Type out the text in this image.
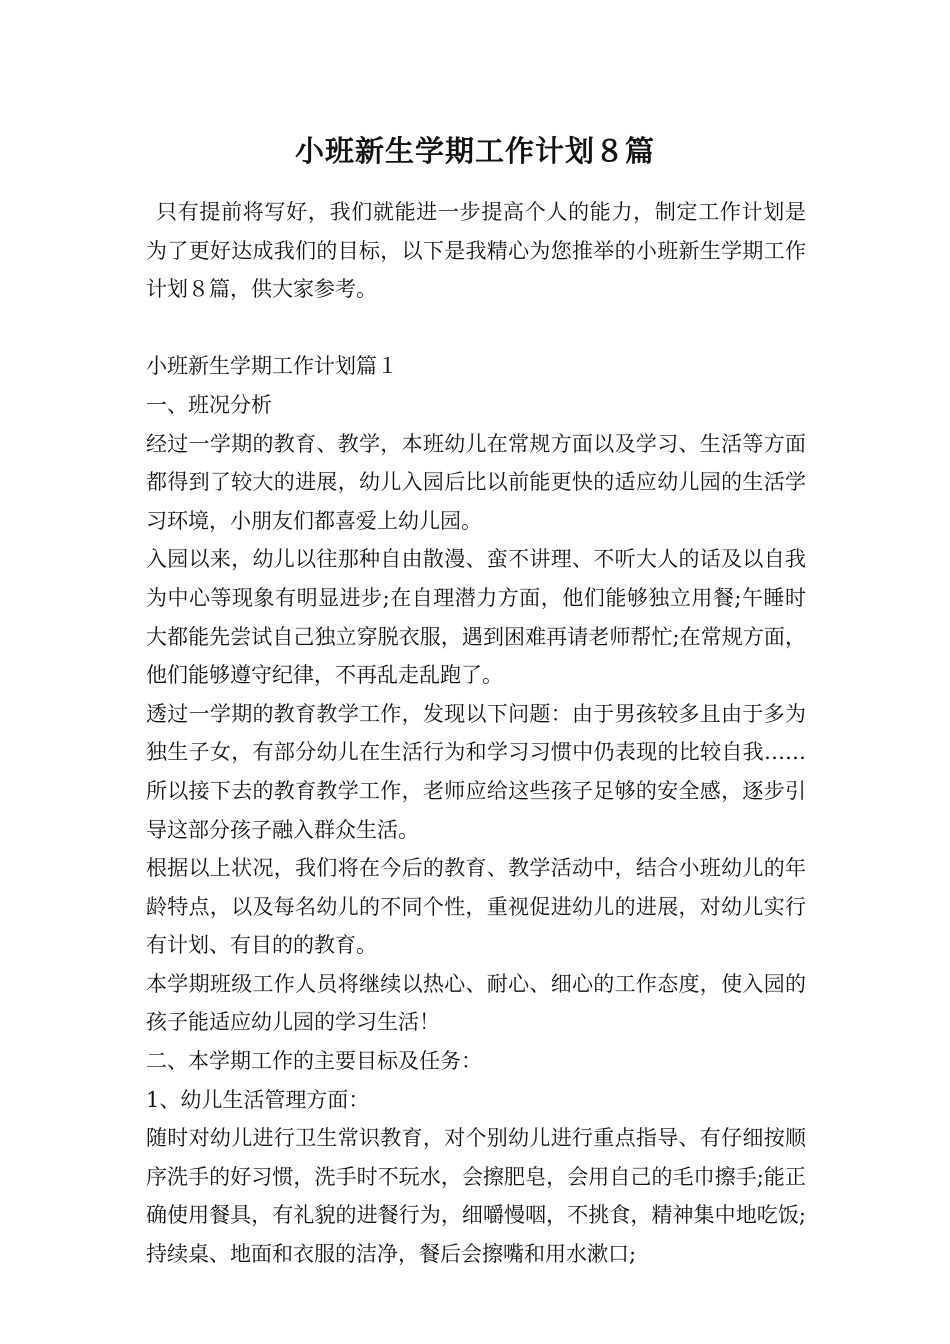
小班新生学期工作计划８篇

只有提前将写好，我们就能进一步提高个人的能力，制定工作计划是为了更好达成我们的目标，以下是我精心为您推举的小班新生学期工作计划８篇，供大家参考。

小班新生学期工作计划篇１

一、班况分析

经过一学期的教育、教学，本班幼儿在常规方面以及学习、生活等方面都得到了较大的进展，幼儿入园后比以前能更快的适应幼儿园的生活学习环境，小朋友们都喜爱上幼儿园。

入园以来，幼儿以往那种自由散漫、蛮不讲理、不听大人的话及以自我为中心等现象有明显进步;在自理潜力方面，他们能够独立用餐;午睡时大都能先尝试自己独立穿脱衣服，遇到困难再请老师帮忙;在常规方面，他们能够遵守纪律，不再乱走乱跑了。

透过一学期的教育教学工作，发现以下问题：由于男孩较多且由于多为独生子女，有部分幼儿在生活行为和学习习惯中仍表现的比较自我……所以接下去的教育教学工作，老师应给这些孩子足够的安全感，逐步引导这部分孩子融入群众生活。

根据以上状况，我们将在今后的教育、教学活动中，结合小班幼儿的年龄特点，以及每名幼儿的不同个性，重视促进幼儿的进展，对幼儿实行有计划、有目的的教育。

本学期班级工作人员将继续以热心、耐心、细心的工作态度，使入园的孩子能适应幼儿园的学习生活！

二、本学期工作的主要目标及任务：

1、幼儿生活管理方面：

随时对幼儿进行卫生常识教育，对个别幼儿进行重点指导、有仔细按顺序洗手的好习惯，洗手时不玩水，会擦肥皂，会用自己的毛巾擦手;能正确使用餐具，有礼貌的进餐行为，细嚼慢咽，不挑食，精神集中地吃饭;持续桌、地面和衣服的洁净，餐后会擦嘴和用水漱口;
